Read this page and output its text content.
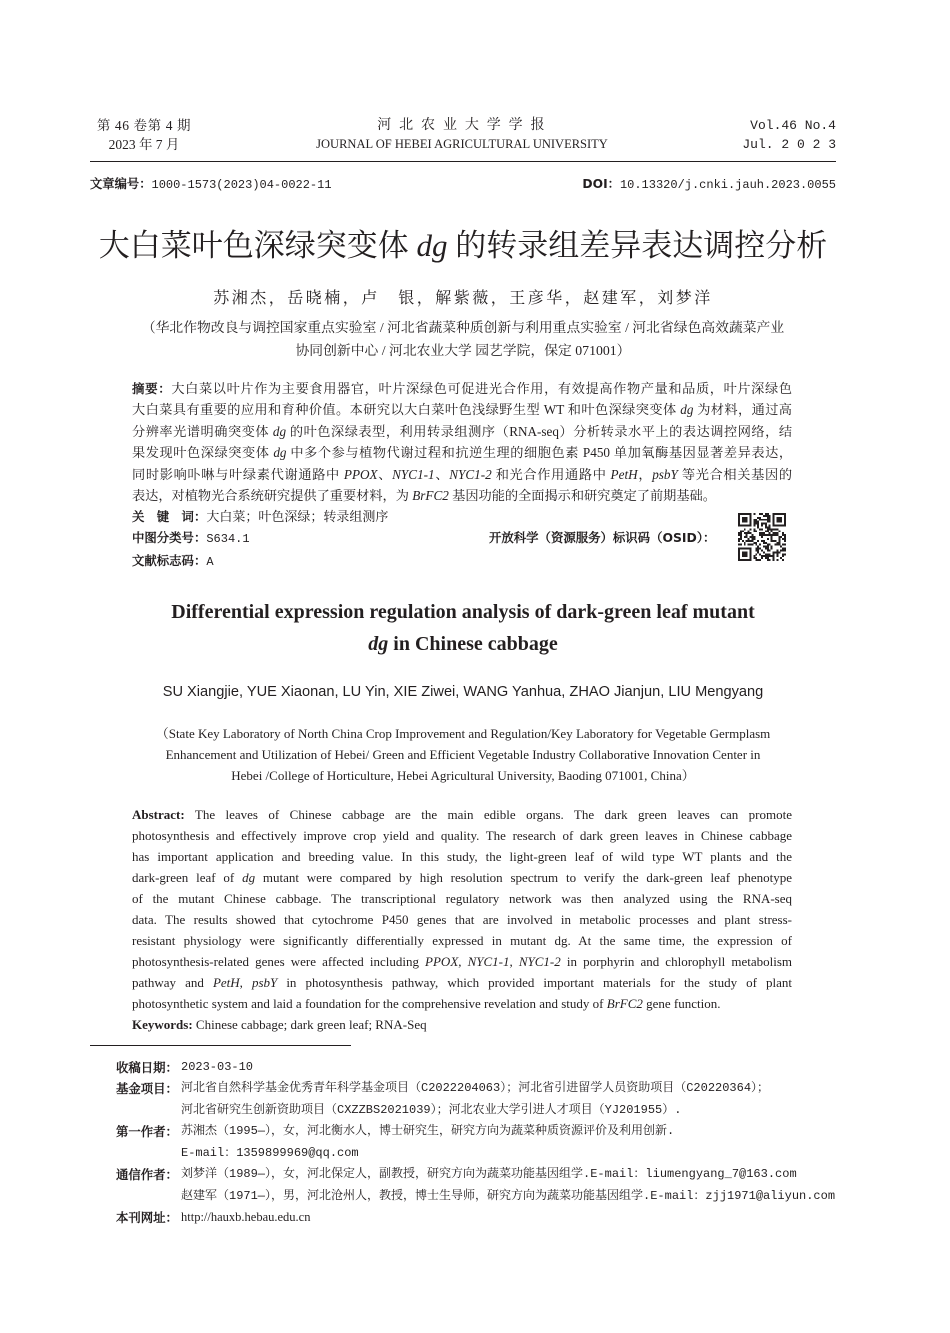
第 46 卷第 4 期
2023 年 7 月
河 北 农 业 大 学 学 报
JOURNAL OF HEBEI AGRICULTURAL UNIVERSITY
Vol.46 No.4
Jul. 2 0 2 3
文章编号：1000-1573(2023)04-0022-11	DOI：10.13320/j.cnki.jauh.2023.0055
大白菜叶色深绿突变体 dg 的转录组差异表达调控分析
苏湘杰，岳晓楠，卢　银，解紫薇，王彦华，赵建军，刘梦洋
（华北作物改良与调控国家重点实验室 / 河北省蔬菜种质创新与利用重点实验室 / 河北省绿色高效蔬菜产业
协同创新中心 / 河北农业大学 园艺学院，保定 071001）
摘要：大白菜以叶片作为主要食用器官，叶片深绿色可促进光合作用，有效提高作物产量和品质，叶片深绿色
大白菜具有重要的应用和育种价值。本研究以大白菜叶色浅绿野生型 WT 和叶色深绿突变体 dg 为材料，通过高
分辨率光谱明确突变体 dg 的叶色深绿表型，利用转录组测序（RNA-seq）分析转录水平上的表达调控网络，结
果发现叶色深绿突变体 dg 中多个参与植物代谢过程和抗逆生理的细胞色素 P450 单加氧酶基因显著差异表达，
同时影响卟啉与叶绿素代谢通路中 PPOX、NYC1-1、NYC1-2 和光合作用通路中 PetH，psbY 等光合相关基因的
表达，对植物光合系统研究提供了重要材料，为 BrFC2 基因功能的全面揭示和研究奠定了前期基础。
关　键　词：大白菜；叶色深绿；转录组测序
中图分类号：S634.1
文献标志码：A
开放科学（资源服务）标识码（OSID）：
Differential expression regulation analysis of dark-green leaf mutant
dg in Chinese cabbage
SU Xiangjie, YUE Xiaonan, LU Yin, XIE Ziwei, WANG Yanhua, ZHAO Jianjun, LIU Mengyang
（State Key Laboratory of North China Crop Improvement and Regulation/Key Laboratory for Vegetable Germplasm
Enhancement and Utilization of Hebei/ Green and Efficient Vegetable Industry Collaborative Innovation Center in
Hebei /College of Horticulture, Hebei Agricultural University, Baoding 071001, China）
Abstract: The leaves of Chinese cabbage are the main edible organs. The dark green leaves can promote
photosynthesis and effectively improve crop yield and quality. The research of dark green leaves in Chinese cabbage
has important application and breeding value. In this study, the light-green leaf of wild type WT plants and the
dark-green leaf of dg mutant were compared by high resolution spectrum to verify the dark-green leaf phenotype
of the mutant Chinese cabbage. The transcriptional regulatory network was then analyzed using the RNA-seq
data. The results showed that cytochrome P450 genes that are involved in metabolic processes and plant stress-
resistant physiology were significantly differentially expressed in mutant dg. At the same time, the expression of
photosynthesis-related genes were affected including PPOX, NYC1-1, NYC1-2 in porphyrin and chlorophyll metabolism
pathway and PetH, psbY in photosynthesis pathway, which provided important materials for the study of plant
photosynthetic system and laid a foundation for the comprehensive revelation and study of BrFC2 gene function.
Keywords: Chinese cabbage; dark green leaf; RNA-Seq
收稿日期： 2023-03-10
基金项目： 河北省自然科学基金优秀青年科学基金项目（C2022204063）；河北省引进留学人员资助项目（C20220364）；
河北省研究生创新资助项目（CXZZBS2021039）；河北农业大学引进人才项目（YJ201955）.
第一作者： 苏湘杰（1995—），女，河北衡水人，博士研究生，研究方向为蔬菜种质资源评价及利用创新.
E-mail：1359899969@qq.com
通信作者： 刘梦洋（1989—），女，河北保定人，副教授，研究方向为蔬菜功能基因组学.E-mail：liumengyang_7@163.com
赵建军（1971—），男，河北沧州人，教授，博士生导师，研究方向为蔬菜功能基因组学.E-mail：zjj1971@aliyun.com
本刊网址： http://hauxb.hebau.edu.cn
